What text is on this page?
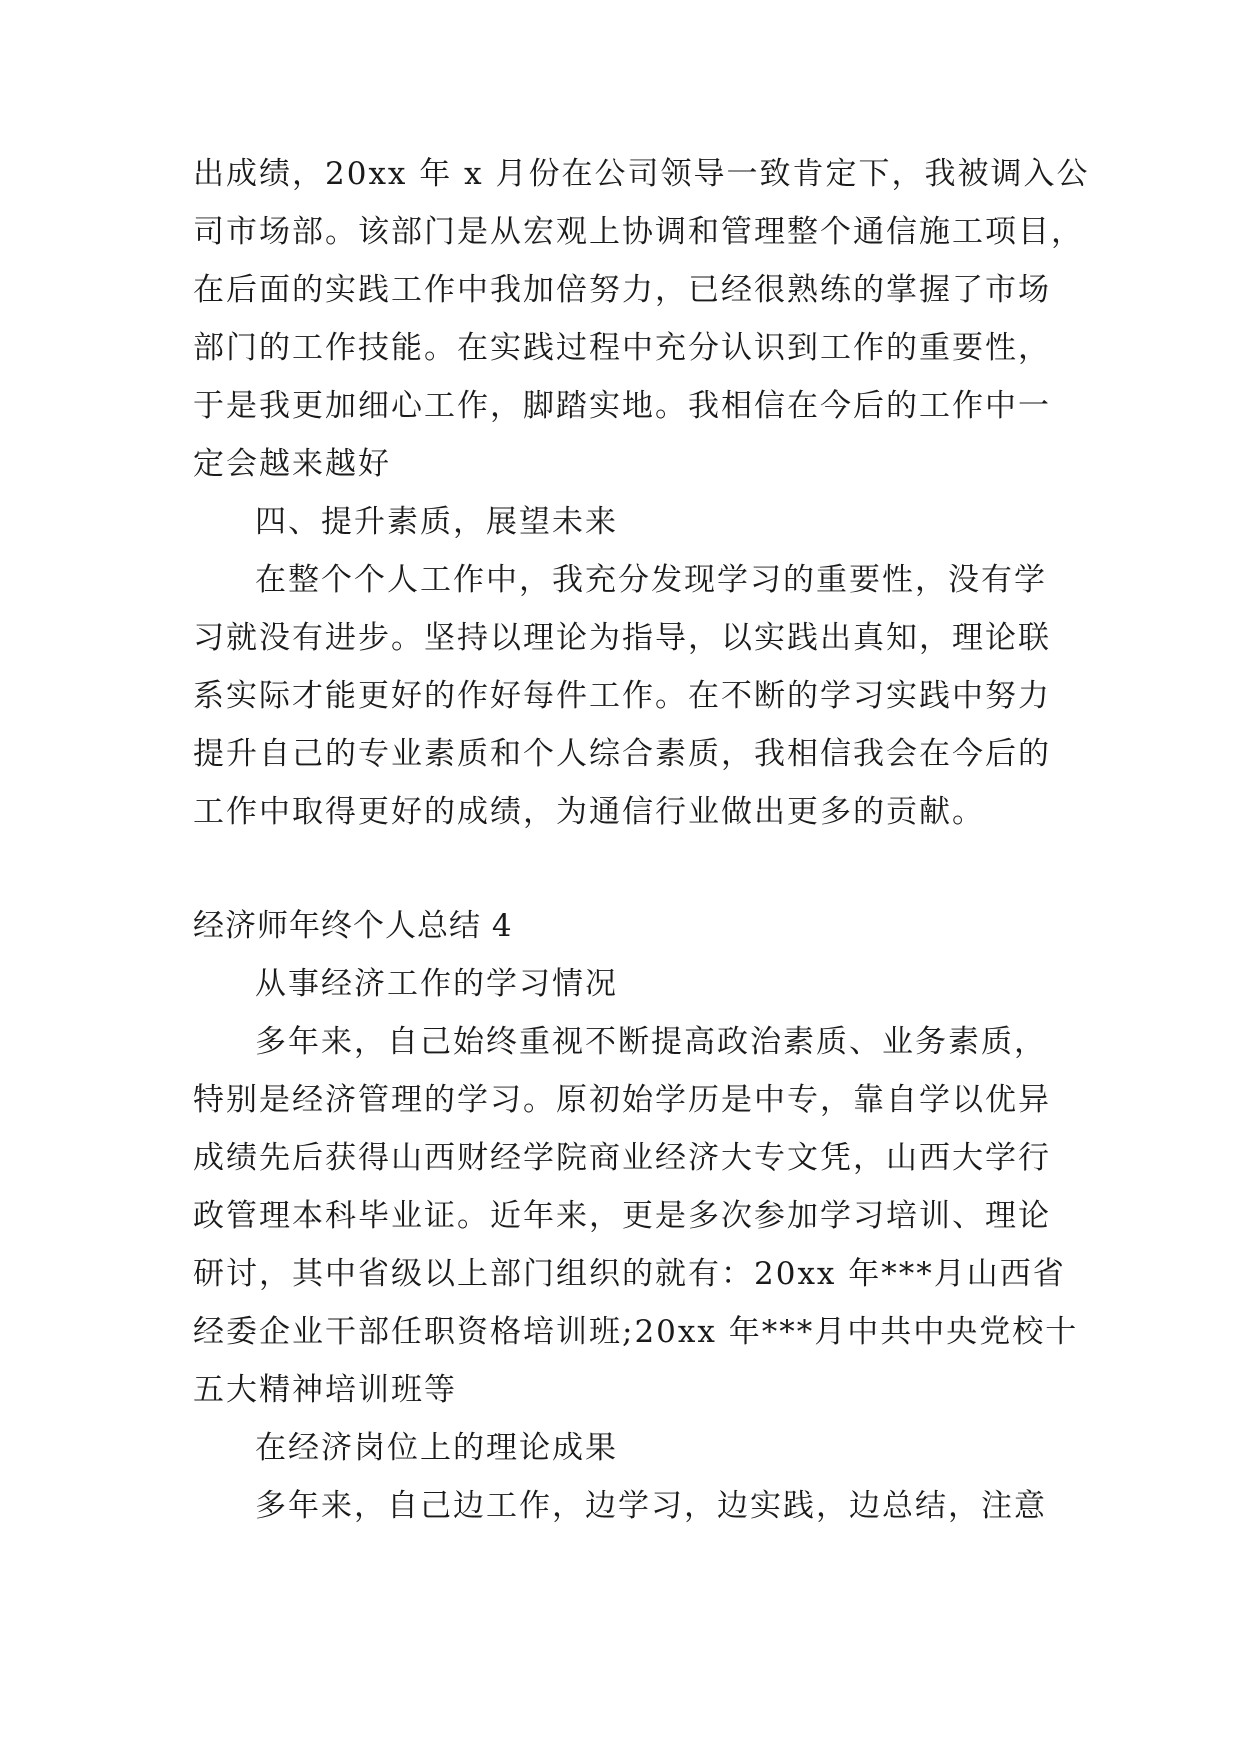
出成绩，20xx 年 x 月份在公司领导一致肯定下，我被调入公
司市场部。该部门是从宏观上协调和管理整个通信施工项目，
在后面的实践工作中我加倍努力，已经很熟练的掌握了市场
部门的工作技能。在实践过程中充分认识到工作的重要性，
于是我更加细心工作，脚踏实地。我相信在今后的工作中一
定会越来越好
四、提升素质，展望未来
在整个个人工作中，我充分发现学习的重要性，没有学
习就没有进步。坚持以理论为指导，以实践出真知，理论联
系实际才能更好的作好每件工作。在不断的学习实践中努力
提升自己的专业素质和个人综合素质，我相信我会在今后的
工作中取得更好的成绩，为通信行业做出更多的贡献。
经济师年终个人总结 4
从事经济工作的学习情况
多年来，自己始终重视不断提高政治素质、业务素质，
特别是经济管理的学习。原初始学历是中专，靠自学以优异
成绩先后获得山西财经学院商业经济大专文凭，山西大学行
政管理本科毕业证。近年来，更是多次参加学习培训、理论
研讨，其中省级以上部门组织的就有：20xx 年***月山西省
经委企业干部任职资格培训班;20xx 年***月中共中央党校十
五大精神培训班等
在经济岗位上的理论成果
多年来，自己边工作，边学习，边实践，边总结，注意
